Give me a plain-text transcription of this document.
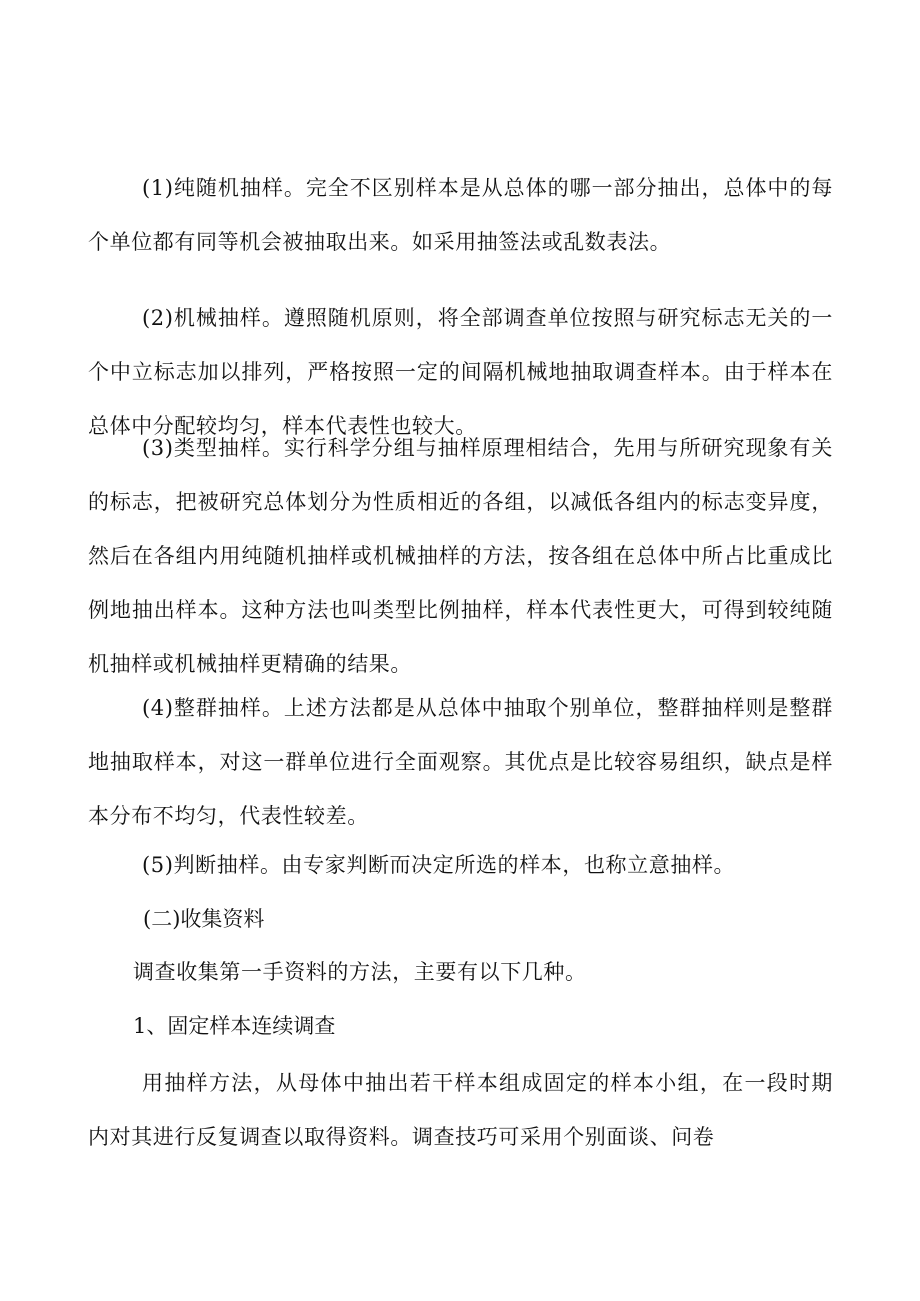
(1)纯随机抽样。完全不区别样本是从总体的哪一部分抽出，总体中的每个单位都有同等机会被抽取出来。如采用抽签法或乱数表法。

(2)机械抽样。遵照随机原则，将全部调查单位按照与研究标志无关的一个中立标志加以排列，严格按照一定的间隔机械地抽取调查样本。由于样本在总体中分配较均匀，样本代表性也较大。

(3)类型抽样。实行科学分组与抽样原理相结合，先用与所研究现象有关的标志，把被研究总体划分为性质相近的各组，以减低各组内的标志变异度，然后在各组内用纯随机抽样或机械抽样的方法，按各组在总体中所占比重成比例地抽出样本。这种方法也叫类型比例抽样，样本代表性更大，可得到较纯随机抽样或机械抽样更精确的结果。

(4)整群抽样。上述方法都是从总体中抽取个别单位，整群抽样则是整群地抽取样本，对这一群单位进行全面观察。其优点是比较容易组织，缺点是样本分布不均匀，代表性较差。

(5)判断抽样。由专家判断而决定所选的样本，也称立意抽样。

(二)收集资料

调查收集第一手资料的方法，主要有以下几种。

1、固定样本连续调查

用抽样方法，从母体中抽出若干样本组成固定的样本小组，在一段时期内对其进行反复调查以取得资料。调查技巧可采用个别面谈、问卷
